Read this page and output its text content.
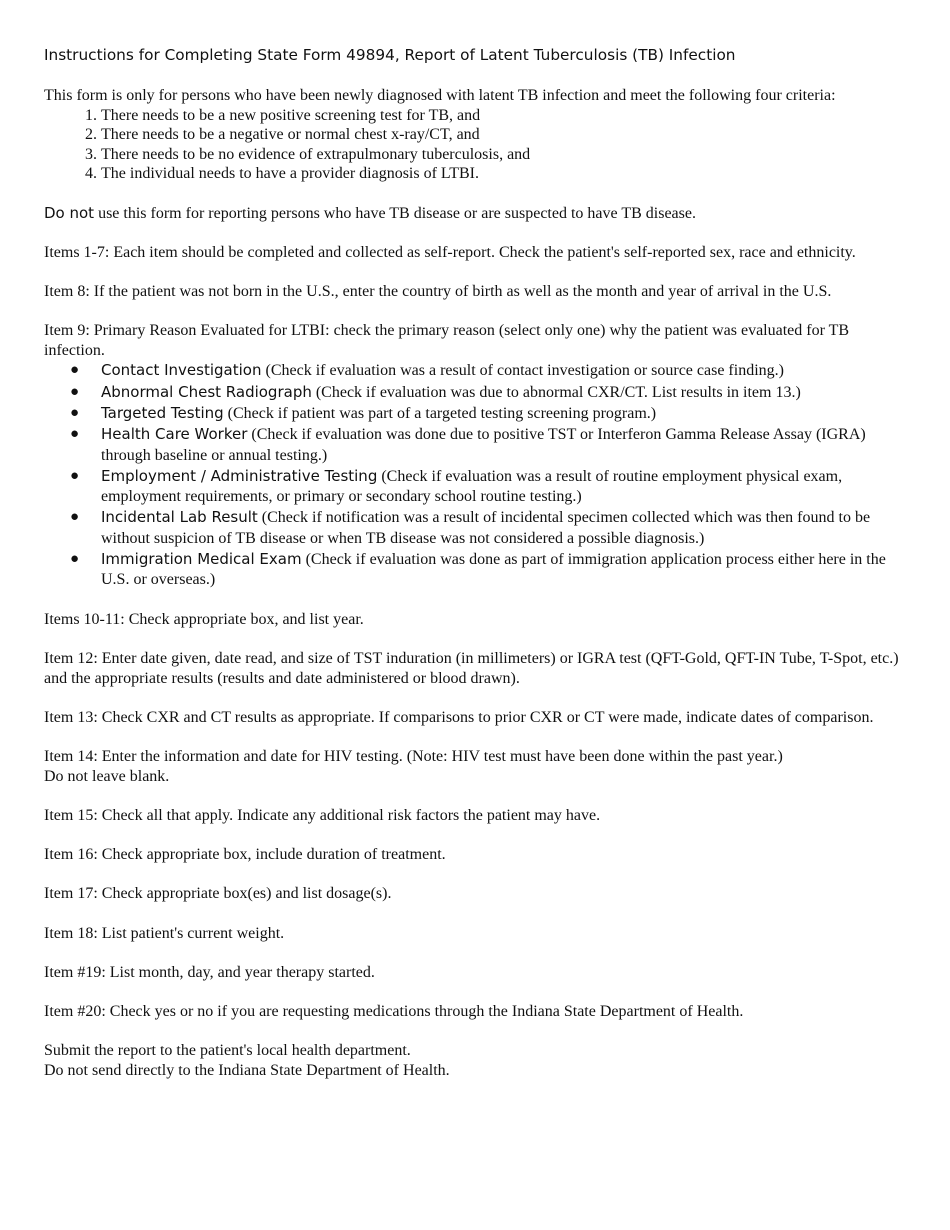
Instructions for Completing State Form 49894, Report of Latent Tuberculosis (TB) Infection

This form is only for persons who have been newly diagnosed with latent TB infection and meet the following four criteria:

1. There needs to be a new positive screening test for TB, and
2. There needs to be a negative or normal chest x-ray/CT, and
3. There needs to be no evidence of extrapulmonary tuberculosis, and
4. The individual needs to have a provider diagnosis of LTBI.

Do not use this form for reporting persons who have TB disease or are suspected to have TB disease.

Items 1-7: Each item should be completed and collected as self-report. Check the patient's self-reported sex, race and ethnicity.

Item 8: If the patient was not born in the U.S., enter the country of birth as well as the month and year of arrival in the U.S.

Item 9: Primary Reason Evaluated for LTBI: check the primary reason (select only one) why the patient was evaluated for TB infection.

● Contact Investigation (Check if evaluation was a result of contact investigation or source case finding.)
● Abnormal Chest Radiograph (Check if evaluation was due to abnormal CXR/CT. List results in item 13.)
● Targeted Testing (Check if patient was part of a targeted testing screening program.)
● Health Care Worker (Check if evaluation was done due to positive TST or Interferon Gamma Release Assay (IGRA) through baseline or annual testing.)
● Employment / Administrative Testing (Check if evaluation was a result of routine employment physical exam, employment requirements, or primary or secondary school routine testing.)
● Incidental Lab Result (Check if notification was a result of incidental specimen collected which was then found to be without suspicion of TB disease or when TB disease was not considered a possible diagnosis.)
● Immigration Medical Exam (Check if evaluation was done as part of immigration application process either here in the U.S. or overseas.)

Items 10-11: Check appropriate box, and list year.

Item 12: Enter date given, date read, and size of TST induration (in millimeters) or IGRA test (QFT-Gold, QFT-IN Tube, T-Spot, etc.) and the appropriate results (results and date administered or blood drawn).

Item 13: Check CXR and CT results as appropriate. If comparisons to prior CXR or CT were made, indicate dates of comparison.

Item 14: Enter the information and date for HIV testing. (Note: HIV test must have been done within the past year.)
Do not leave blank.

Item 15: Check all that apply. Indicate any additional risk factors the patient may have.

Item 16: Check appropriate box, include duration of treatment.

Item 17: Check appropriate box(es) and list dosage(s).

Item 18: List patient's current weight.

Item #19: List month, day, and year therapy started.

Item #20: Check yes or no if you are requesting medications through the Indiana State Department of Health.

Submit the report to the patient's local health department.
Do not send directly to the Indiana State Department of Health.
